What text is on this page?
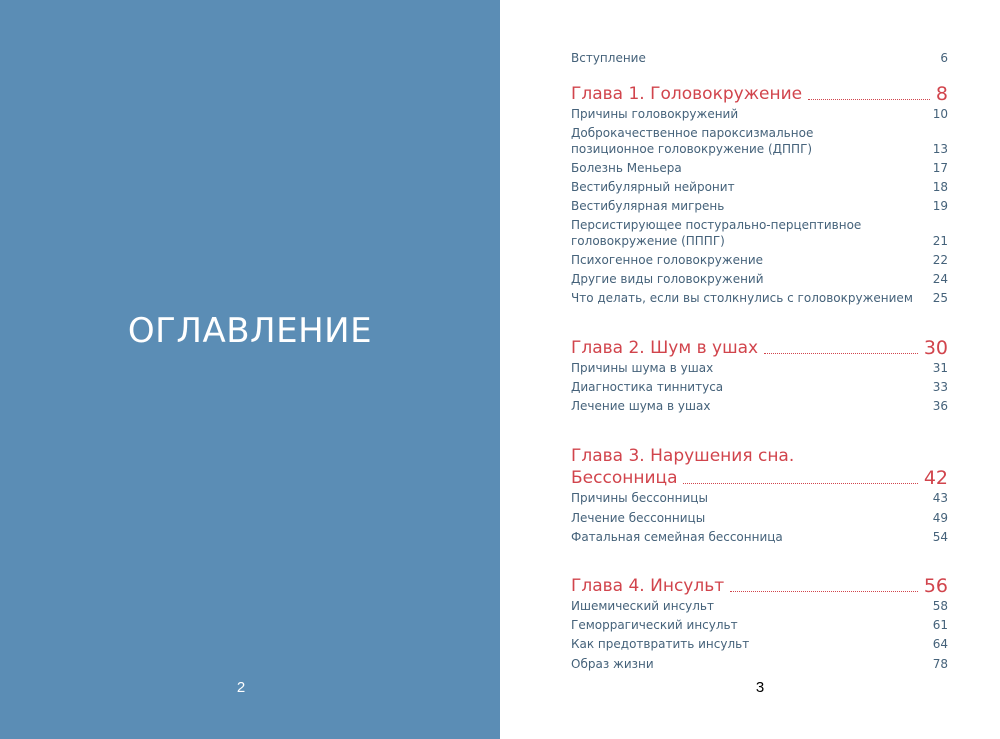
ОГЛАВЛЕНИЕ
2
Вступление	6
Глава 1. Головокружение	8
Причины головокружений	10
Доброкачественное пароксизмальное
позиционное головокружение (ДППГ)	13
Болезнь Меньера	17
Вестибулярный нейронит	18
Вестибулярная мигрень	19
Персистирующее постурально-перцептивное
головокружение (ПППГ)	21
Психогенное головокружение	22
Другие виды головокружений	24
Что делать, если вы столкнулись с головокружением	25
Глава 2. Шум в ушах	30
Причины шума в ушах	31
Диагностика тиннитуса	33
Лечение шума в ушах	36
Глава 3. Нарушения сна.
Бессонница	42
Причины бессонницы	43
Лечение бессонницы	49
Фатальная семейная бессонница	54
Глава 4. Инсульт	56
Ишемический инсульт	58
Геморрагический инсульт	61
Как предотвратить инсульт	64
Образ жизни	78
3
